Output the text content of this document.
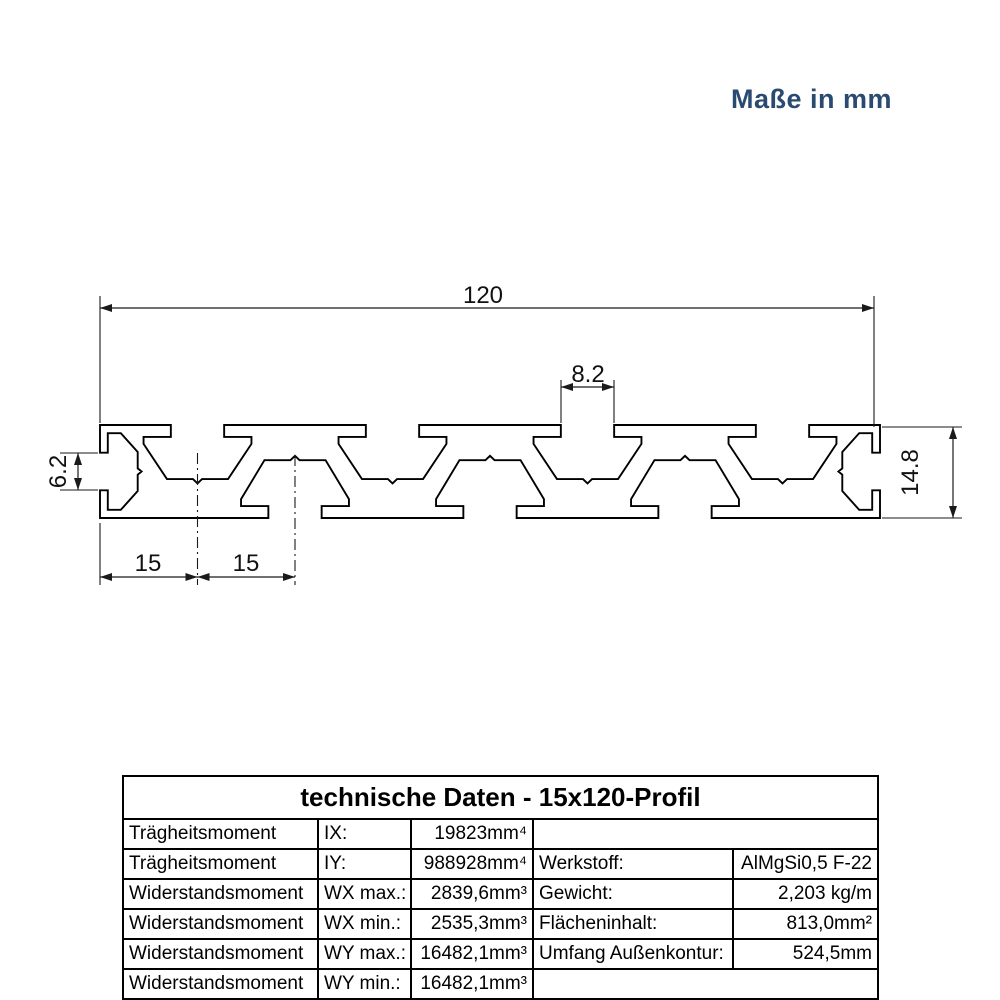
Maße in mm
120
8.2
6.2	14.8
15	15
technische Daten - 15x120-Profil				
Trägheitsmoment	IX:	19823mm⁴		
Trägheitsmoment	IY:	988928mm⁴	Werkstoff:	AlMgSi0,5 F-22
Widerstandsmoment	WX max.:	2839,6mm³	Gewicht:	2,203 kg/m
Widerstandsmoment	WX min.:	2535,3mm³	Flächeninhalt:	813,0mm²
Widerstandsmoment	WY max.:	16482,1mm³	Umfang Außenkontur:	524,5mm
Widerstandsmoment	WY min.:	16482,1mm³		
